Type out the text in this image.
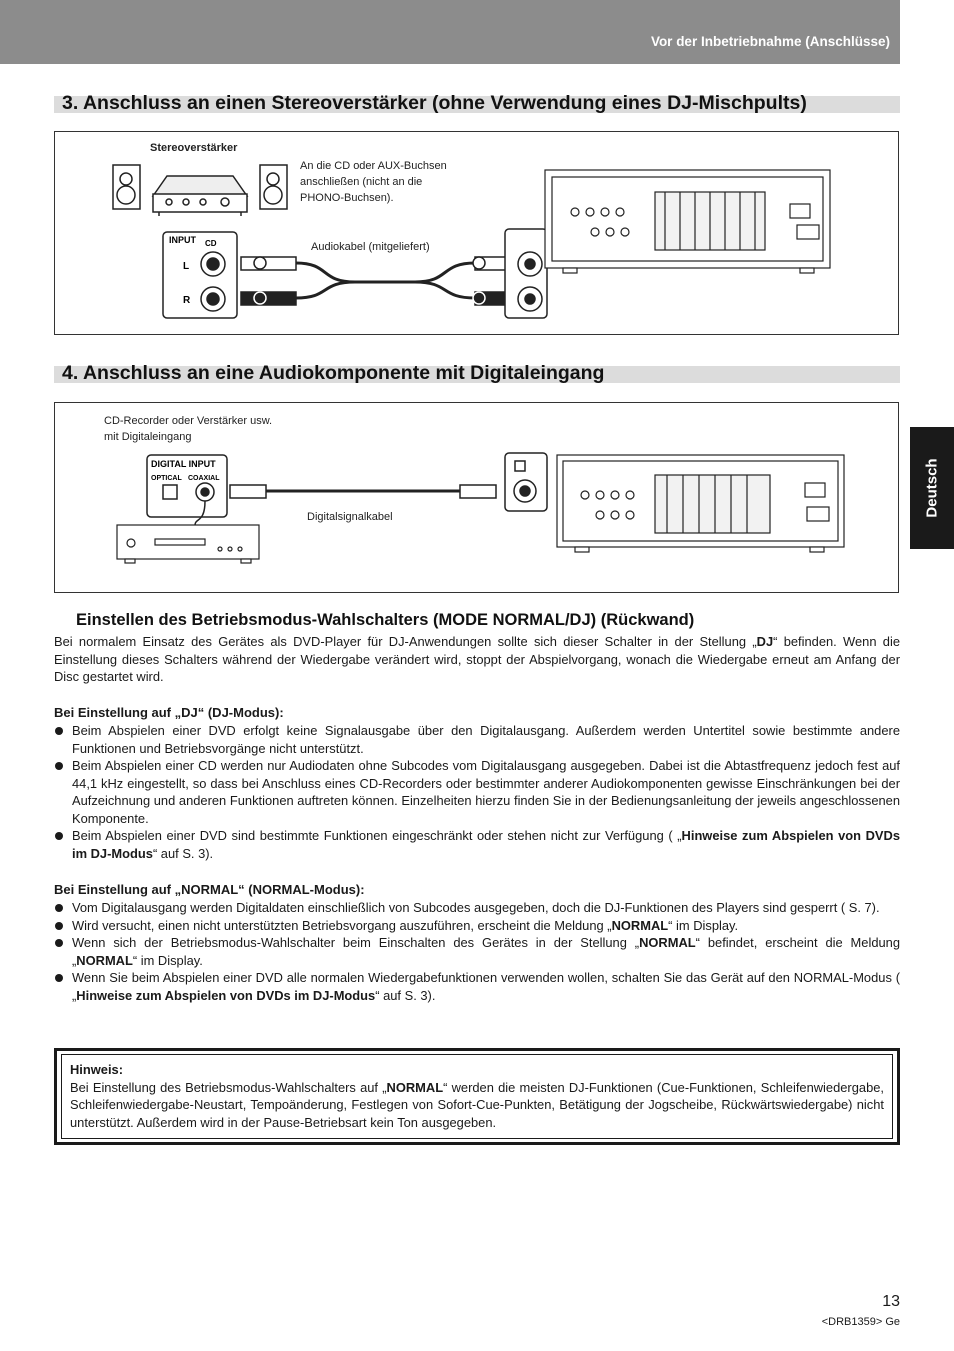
Vor der Inbetriebnahme (Anschlüsse)
Deutsch
3. Anschluss an einen Stereoverstärker (ohne Verwendung eines DJ-Mischpults)
Stereoverstärker
An die CD oder AUX-Buchsen
anschließen (nicht an die
PHONO-Buchsen).
Audiokabel (mitgeliefert)
INPUT CD
L
R
4. Anschluss an eine Audiokomponente mit Digitaleingang
CD-Recorder oder Verstärker usw.
mit Digitaleingang
Digitalsignalkabel
DIGITAL INPUT
OPTICAL COAXIAL
Einstellen des Betriebsmodus-Wahlschalters (MODE NORMAL/DJ) (Rückwand)
Bei normalem Einsatz des Gerätes als DVD-Player für DJ-Anwendungen sollte sich dieser Schalter in der Stellung „DJ“ befinden. Wenn die Einstellung dieses Schalters während der Wiedergabe verändert wird, stoppt der Abspielvorgang, wonach die Wiedergabe erneut am Anfang der Disc gestartet wird.
Bei Einstellung auf „DJ“ (DJ-Modus):
Beim Abspielen einer DVD erfolgt keine Signalausgabe über den Digitalausgang. Außerdem werden Untertitel sowie bestimmte andere Funktionen und Betriebsvorgänge nicht unterstützt.
Beim Abspielen einer CD werden nur Audiodaten ohne Subcodes vom Digitalausgang ausgegeben. Dabei ist die Abtastfrequenz jedoch fest auf 44,1 kHz eingestellt, so dass bei Anschluss eines CD-Recorders oder bestimmter anderer Audiokomponenten gewisse Einschränkungen bei der Aufzeichnung und anderen Funktionen auftreten können. Einzelheiten hierzu finden Sie in der Bedienungsanleitung der jeweils angeschlossenen Komponente.
Beim Abspielen einer DVD sind bestimmte Funktionen eingeschränkt oder stehen nicht zur Verfügung ( „Hinweise zum Abspielen von DVDs im DJ-Modus“ auf S. 3).
Bei Einstellung auf „NORMAL“ (NORMAL-Modus):
Vom Digitalausgang werden Digitaldaten einschließlich von Subcodes ausgegeben, doch die DJ-Funktionen des Players sind gesperrt ( S. 7).
Wird versucht, einen nicht unterstützten Betriebsvorgang auszuführen, erscheint die Meldung „NORMAL“ im Display.
Wenn sich der Betriebsmodus-Wahlschalter beim Einschalten des Gerätes in der Stellung „NORMAL“ befindet, erscheint die Meldung „NORMAL“ im Display.
Wenn Sie beim Abspielen einer DVD alle normalen Wiedergabefunktionen verwenden wollen, schalten Sie das Gerät auf den NORMAL-Modus ( „Hinweise zum Abspielen von DVDs im DJ-Modus“ auf S. 3).
Hinweis:
Bei Einstellung des Betriebsmodus-Wahlschalters auf „NORMAL“ werden die meisten DJ-Funktionen (Cue-Funktionen, Schleifenwiedergabe, Schleifenwiedergabe-Neustart, Tempoänderung, Festlegen von Sofort-Cue-Punkten, Betätigung der Jogscheibe, Rückwärtswiedergabe) nicht unterstützt. Außerdem wird in der Pause-Betriebsart kein Ton ausgegeben.
13
<DRB1359> Ge
